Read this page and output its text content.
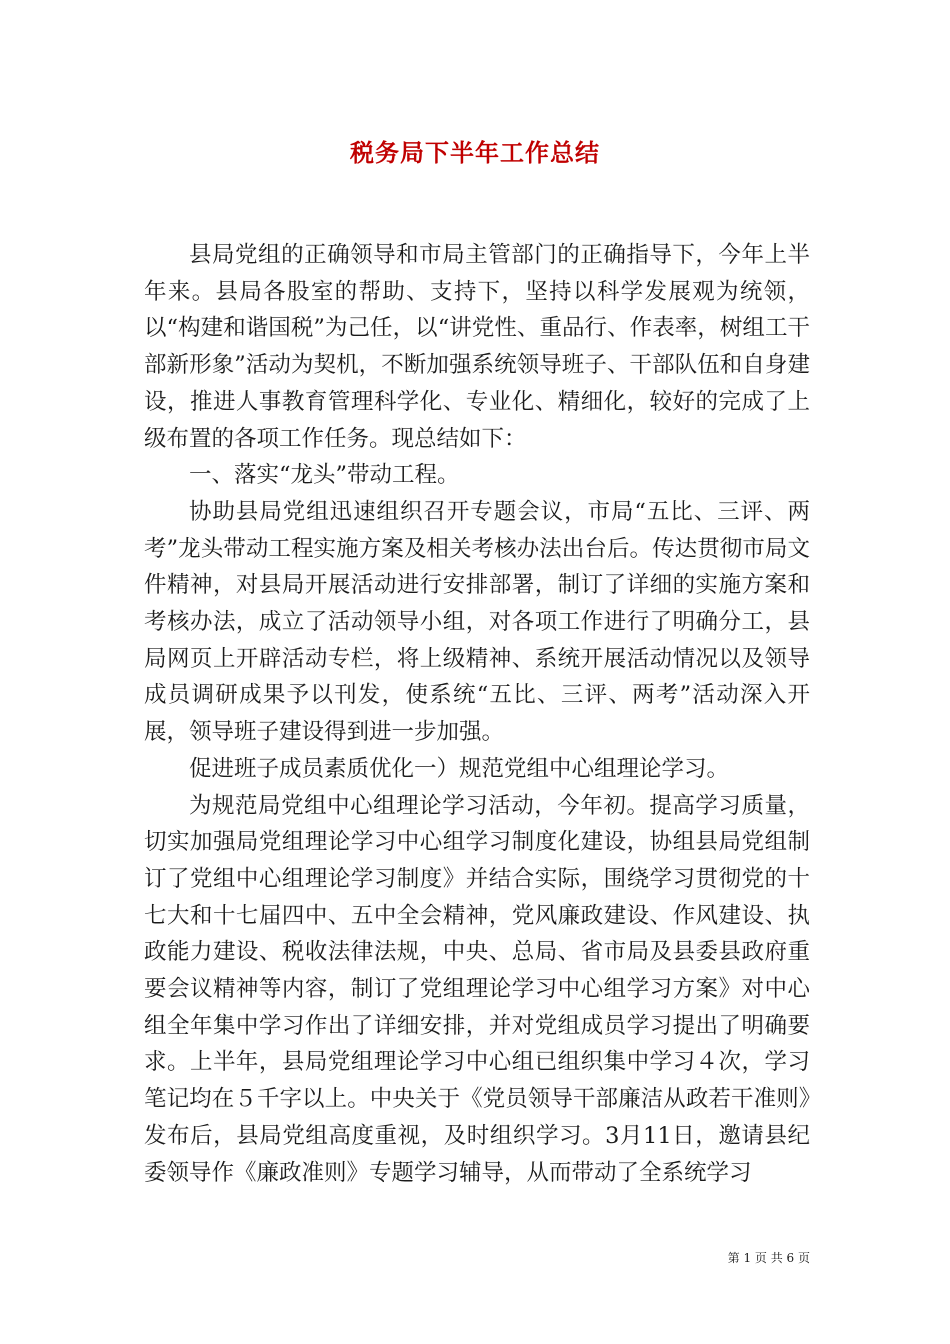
税务局下半年工作总结

县局党组的正确领导和市局主管部门的正确指导下，今年上半年来。县局各股室的帮助、支持下，坚持以科学发展观为统领，以“构建和谐国税”为己任，以“讲党性、重品行、作表率，树组工干部新形象”活动为契机，不断加强系统领导班子、干部队伍和自身建设，推进人事教育管理科学化、专业化、精细化，较好的完成了上级布置的各项工作任务。现总结如下：

一、落实“龙头”带动工程。

协助县局党组迅速组织召开专题会议，市局“五比、三评、两考”龙头带动工程实施方案及相关考核办法出台后。传达贯彻市局文件精神，对县局开展活动进行安排部署，制订了详细的实施方案和考核办法，成立了活动领导小组，对各项工作进行了明确分工，县局网页上开辟活动专栏，将上级精神、系统开展活动情况以及领导成员调研成果予以刊发，使系统“五比、三评、两考”活动深入开展，领导班子建设得到进一步加强。

促进班子成员素质优化一）规范党组中心组理论学习。

为规范局党组中心组理论学习活动，今年初。提高学习质量，切实加强局党组理论学习中心组学习制度化建设，协组县局党组制订了党组中心组理论学习制度》并结合实际，围绕学习贯彻党的十七大和十七届四中、五中全会精神，党风廉政建设、作风建设、执政能力建设、税收法律法规，中央、总局、省市局及县委县政府重要会议精神等内容，制订了党组理论学习中心组学习方案》对中心组全年集中学习作出了详细安排，并对党组成员学习提出了明确要求。上半年，县局党组理论学习中心组已组织集中学习４次，学习笔记均在５千字以上。中央关于《党员领导干部廉洁从政若干准则》发布后，县局党组高度重视，及时组织学习。3月11日，邀请县纪委领导作《廉政准则》专题学习辅导，从而带动了全系统学习

第 1 页 共 6 页
